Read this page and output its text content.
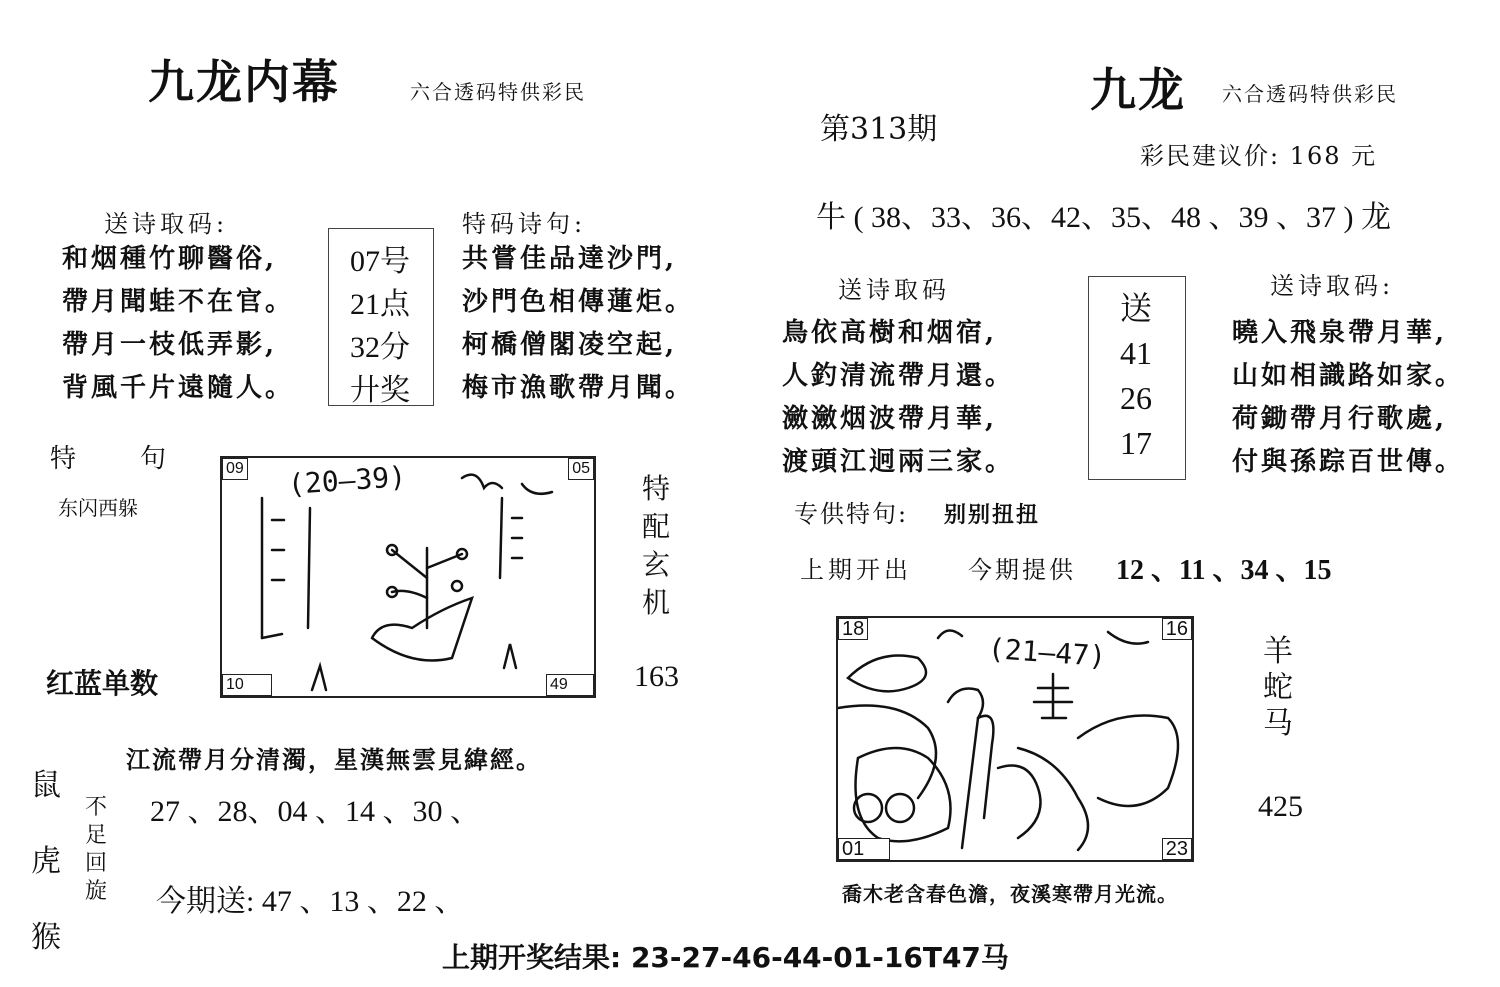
九龙内幕	六合透码特供彩民
送诗取码:
和烟種竹聊醫俗,
帶月聞蛙不在官。
帶月一枝低弄影,
背風千片遠隨人。
07号
21点
32分
廾奖
特码诗句:
共嘗佳品達沙門,
沙門色相傳蓮炬。
柯橋僧閣凌空起,
梅市漁歌帶月聞。
特　　句
东闪西躲
(20—39)
09	05
10	49
特
配
玄
机
红蓝单数	163
鼠
虎
猴
不
足
回
旋
江流帶月分清濁，星漢無雲見緯經。
27 、28、04 、14 、30 、
今期送: 47 、13 、22 、
九龙 六合透码特供彩民
第313期
彩民建议价: 168 元
牛 ( 38、33、36、42、35、48 、39 、37 ) 龙
送诗取码
鳥依高樹和烟宿,
人釣清流帶月還。
瀲瀲烟波帶月華,
渡頭江迥兩三家。
送
41
26
17
送诗取码:
曉入飛泉帶月華,
山如相識路如家。
荷鋤帶月行歌處,
付與孫踪百世傳。
专供特句: 别别扭扭
上期开出 今期提供 12 、11 、34 、15
(21—47)
18	16
01	23
羊
蛇
马
425
喬木老含春色澹，夜溪寒帶月光流。
上期开奖结果: 23-27-46-44-01-16T47马
